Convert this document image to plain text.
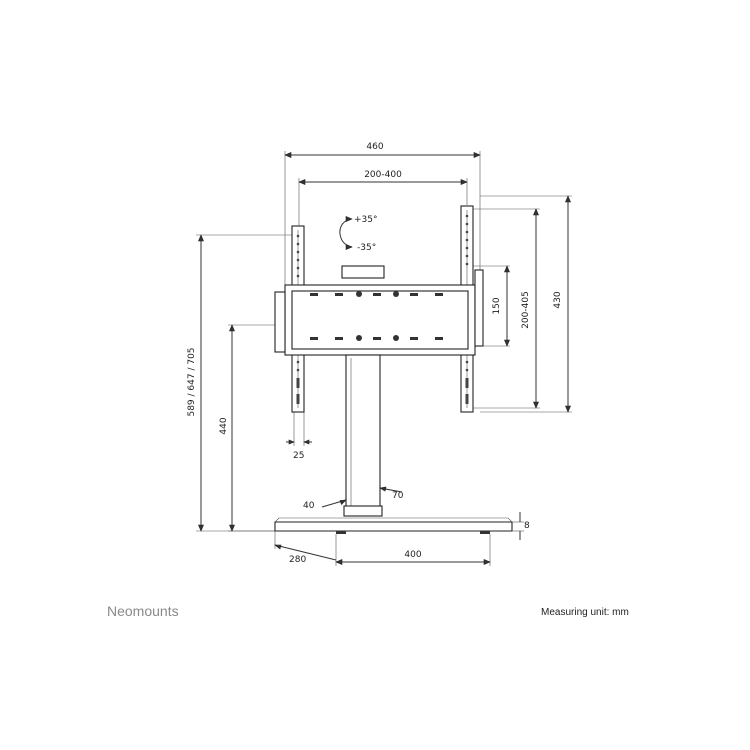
460
200-400
+35°
-35°
150 200-405 430
589 / 647 / 705
440
25
40
70
8
280	400
Neomounts	Measuring unit: mm
